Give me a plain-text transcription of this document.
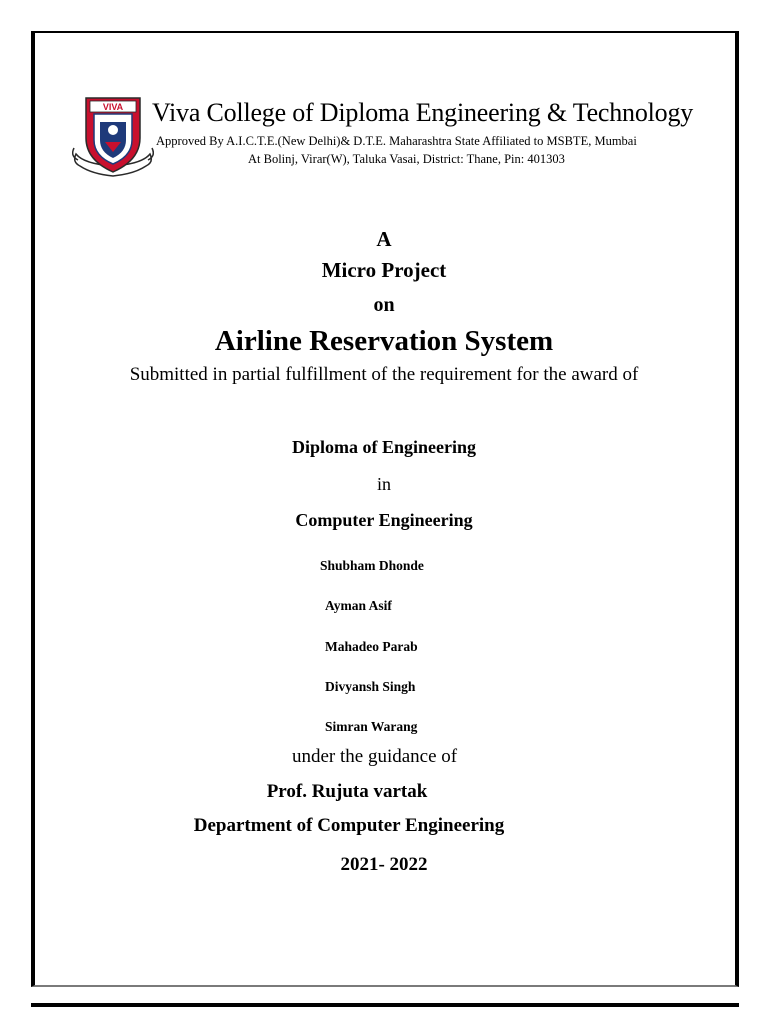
VIVA Viva College of Diploma Engineering & Technology
Approved By A.I.C.T.E.(New Delhi)& D.T.E. Maharashtra State Affiliated to MSBTE, Mumbai
At Bolinj, Virar(W), Taluka Vasai, District: Thane, Pin: 401303
A
Micro Project
on
Airline Reservation System
Submitted in partial fulfillment of the requirement for the award of
Diploma of Engineering
in
Computer Engineering
Shubham Dhonde
Ayman Asif
Mahadeo Parab
Divyansh Singh
Simran Warang
under the guidance of
Prof. Rujuta vartak
Department of Computer Engineering
2021- 2022
